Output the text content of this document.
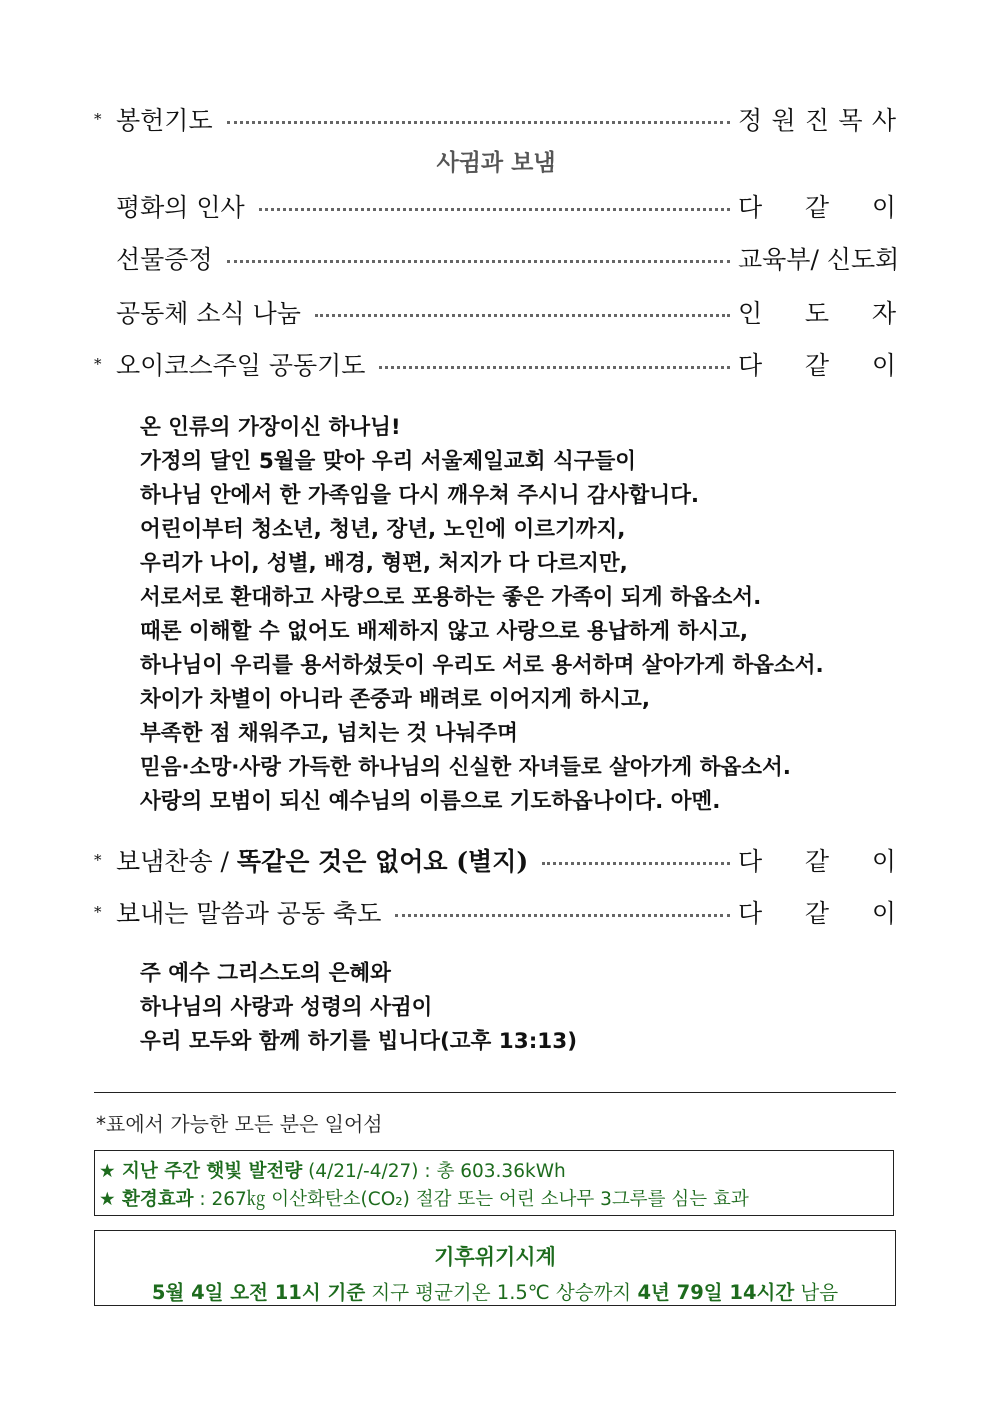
* 봉헌기도	정 원 진 목 사
사귐과 보냄
평화의 인사	다 같 이
선물증정	교육부/ 신도회
공동체 소식 나눔	인 도 자
* 오이코스주일 공동기도	다 같 이
온 인류의 가장이신 하나님!
가정의 달인 5월을 맞아 우리 서울제일교회 식구들이
하나님 안에서 한 가족임을 다시 깨우쳐 주시니 감사합니다.
어린이부터 청소년, 청년, 장년, 노인에 이르기까지,
우리가 나이, 성별, 배경, 형편, 처지가 다 다르지만,
서로서로 환대하고 사랑으로 포용하는 좋은 가족이 되게 하옵소서.
때론 이해할 수 없어도 배제하지 않고 사랑으로 용납하게 하시고,
하나님이 우리를 용서하셨듯이 우리도 서로 용서하며 살아가게 하옵소서.
차이가 차별이 아니라 존중과 배려로 이어지게 하시고,
부족한 점 채워주고, 넘치는 것 나눠주며
믿음·소망·사랑 가득한 하나님의 신실한 자녀들로 살아가게 하옵소서.
사랑의 모범이 되신 예수님의 이름으로 기도하옵나이다. 아멘.
* 보냄찬송 / 똑같은 것은 없어요 (별지)	다 같 이
* 보내는 말씀과 공동 축도	다 같 이
주 예수 그리스도의 은혜와
하나님의 사랑과 성령의 사귐이
우리 모두와 함께 하기를 빕니다(고후 13:13)
*표에서 가능한 모든 분은 일어섬
★ 지난 주간 햇빛 발전량 (4/21/-4/27) : 총 603.36kWh
★ 환경효과 : 267㎏ 이산화탄소(CO₂) 절감 또는 어린 소나무 3그루를 심는 효과
기후위기시계
5월 4일 오전 11시 기준 지구 평균기온 1.5℃ 상승까지 4년 79일 14시간 남음
